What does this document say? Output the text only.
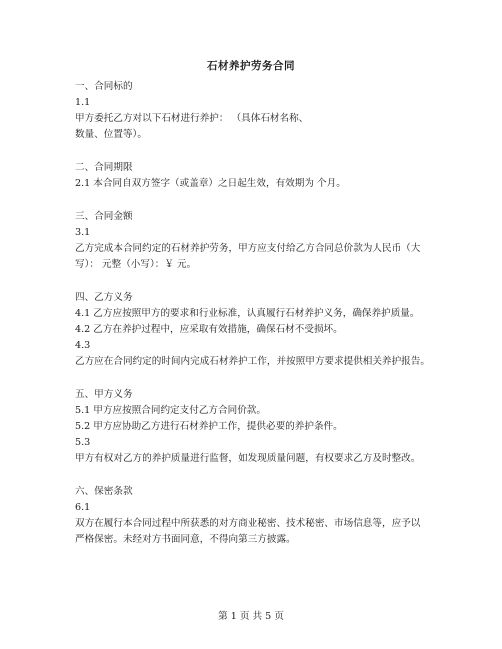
石材养护劳务合同
一、合同标的
1.1
甲方委托乙方对以下石材进行养护： （具体石材名称、
数量、位置等）。
二、合同期限
2.1 本合同自双方签字（或盖章）之日起生效，有效期为 个月。
三、合同金额
3.1
乙方完成本合同约定的石材养护劳务，甲方应支付给乙方合同总价款为人民币（大
写）： 元整（小写）：￥ 元。
四、乙方义务
4.1 乙方应按照甲方的要求和行业标准，认真履行石材养护义务，确保养护质量。
4.2 乙方在养护过程中，应采取有效措施，确保石材不受损坏。
4.3
乙方应在合同约定的时间内完成石材养护工作，并按照甲方要求提供相关养护报告。
五、甲方义务
5.1 甲方应按照合同约定支付乙方合同价款。
5.2 甲方应协助乙方进行石材养护工作，提供必要的养护条件。
5.3
甲方有权对乙方的养护质量进行监督，如发现质量问题，有权要求乙方及时整改。
六、保密条款
6.1
双方在履行本合同过程中所获悉的对方商业秘密、技术秘密、市场信息等，应予以
严格保密。未经对方书面同意，不得向第三方披露。
第 1 页 共 5 页
